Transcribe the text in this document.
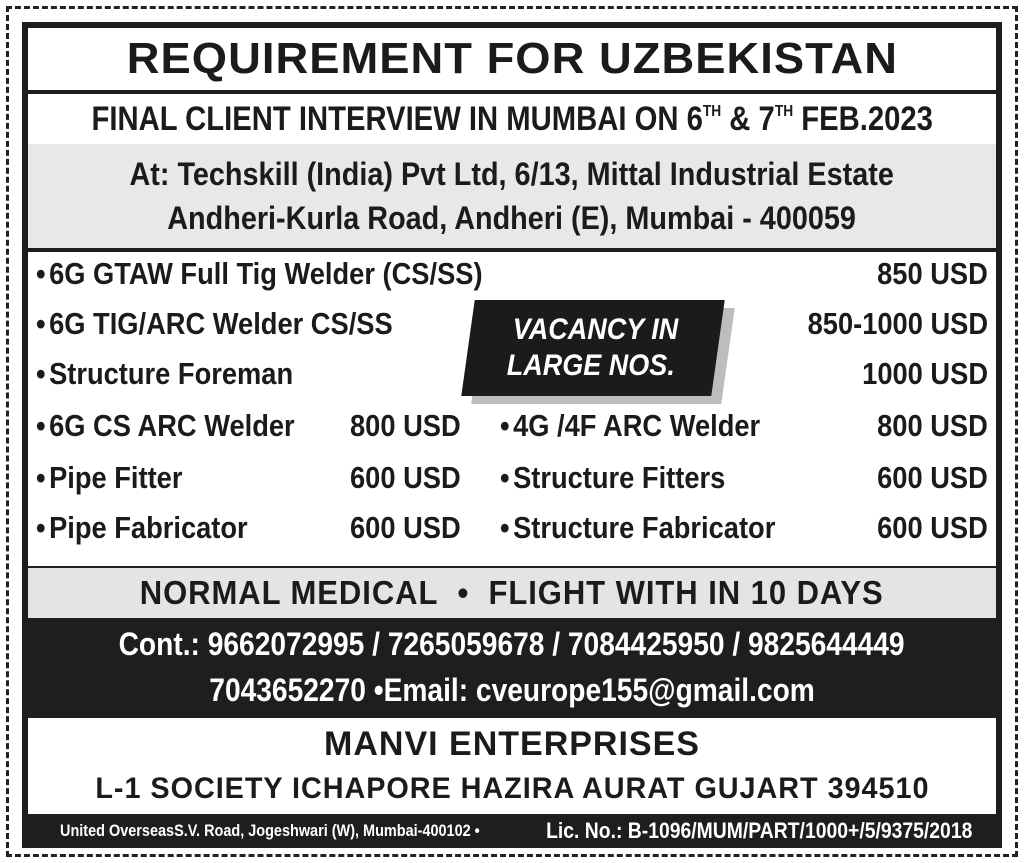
REQUIREMENT FOR UZBEKISTAN
FINAL CLIENT INTERVIEW IN MUMBAI ON 6TH & 7TH FEB.2023
At: Techskill (India) Pvt Ltd, 6/13, Mittal Industrial Estate
Andheri-Kurla Road, Andheri (E), Mumbai - 400059
• 6G GTAW Full Tig Welder (CS/SS)	850 USD
• 6G TIG/ARC Welder CS/SS	850-1000 USD
• Structure Foreman	1000 USD
• 6G CS ARC Welder	800 USD
• Pipe Fitter	600 USD
• Pipe Fabricator	600 USD
• 4G /4F ARC Welder	800 USD
• Structure Fitters	600 USD
• Structure Fabricator	600 USD
VACANCY IN
LARGE NOS.
NORMAL MEDICAL • FLIGHT WITH IN 10 DAYS
Cont.: 9662072995 / 7265059678 / 7084425950 / 9825644449
7043652270 •Email: cveurope155@gmail.com
MANVI ENTERPRISES
L-1 SOCIETY ICHAPORE HAZIRA AURAT GUJART 394510
United OverseasS.V. Road, Jogeshwari (W), Mumbai-400102 •	Lic. No.: B-1096/MUM/PART/1000+/5/9375/2018
